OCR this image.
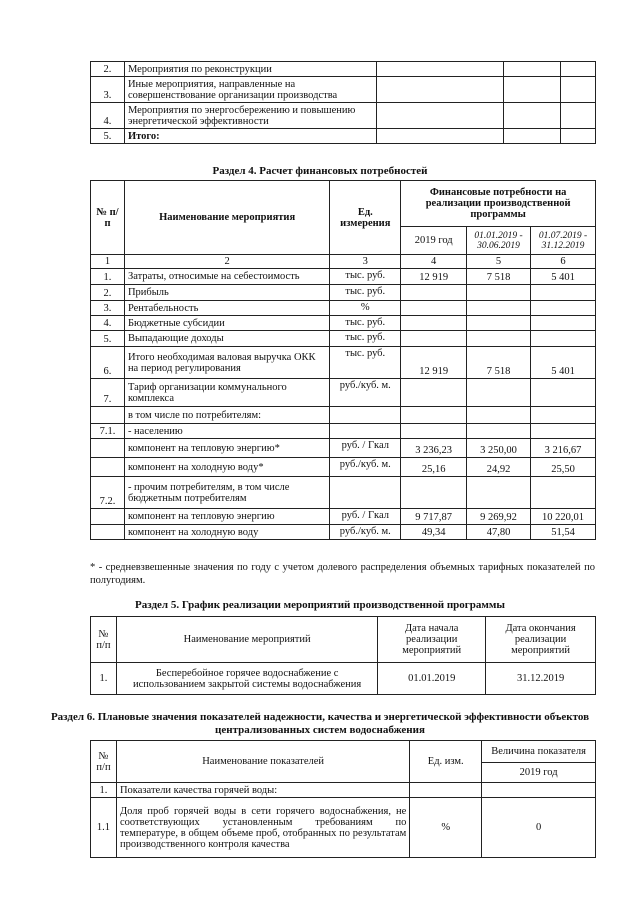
2.	Мероприятия по реконструкции			
3.	Иные мероприятия, направленные на совершенствование организации производства			
4.	Мероприятия по энергосбережению и повышению энергетической эффективности			
5.	Итого:			
Раздел 4. Расчет финансовых потребностей
№ п/п	Наименование мероприятия	Ед. измерения	Финансовые потребности на реализации производственной программы		
			2019 год	01.01.2019 - 30.06.2019	01.07.2019 - 31.12.2019
1	2	3	4	5	6
1.	Затраты, относимые на себестоимость	тыс. руб.	12 919	7 518	5 401
2.	Прибыль	тыс. руб.			
3.	Рентабельность	%			
4.	Бюджетные субсидии	тыс. руб.			
5.	Выпадающие доходы	тыс. руб.			
6.	Итого необходимая валовая выручка ОКК на период регулирования	тыс. руб.	12 919	7 518	5 401
7.	Тариф организации коммунального комплекса	руб./куб. м.			
	в том числе по потребителям:				
7.1.	- населению				
	компонент на тепловую энергию*	руб. / Гкал	3 236,23	3 250,00	3 216,67
	компонент на холодную воду*	руб./куб. м.	25,16	24,92	25,50
7.2.	- прочим потребителям, в том числе бюджетным потребителям				
	компонент на тепловую энергию	руб. / Гкал	9 717,87	9 269,92	10 220,01
	компонент на холодную воду	руб./куб. м.	49,34	47,80	51,54
* - средневзвешенные значения по году с учетом долевого распределения объемных тарифных показателей по полугодиям.
Раздел 5. График реализации мероприятий производственной программы
№ п/п	Наименование мероприятий	Дата начала реализации мероприятий	Дата окончания реализации мероприятий
1.	Бесперебойное горячее водоснабжение с использованием закрытой системы водоснабжения	01.01.2019	31.12.2019
Раздел 6. Плановые значения показателей надежности, качества и энергетической эффективности объектов централизованных систем водоснабжения
№ п/п	Наименование показателей	Ед. изм.	Величина показателя
			2019 год
1.	Показатели качества горячей воды:		
1.1	Доля проб горячей воды в сети горячего водоснабжения, не соответствующих установленным требованиям по температуре, в общем объеме проб, отобранных по результатам производственного контроля качества	%	0
